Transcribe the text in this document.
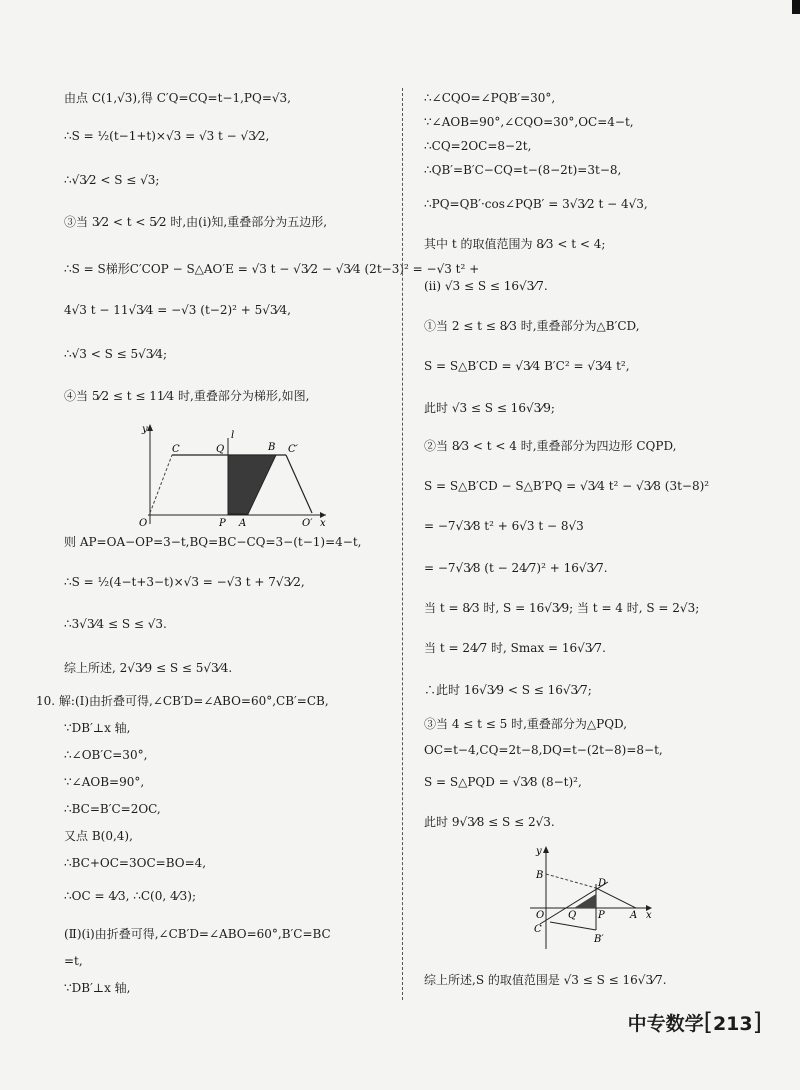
由点 C(1,√3),得 C′Q=CQ=t−1,PQ=√3,
∴S = ½(t−1+t)×√3 = √3 t − √3⁄2,
∴√3⁄2 < S ≤ √3;
③当 3⁄2 < t < 5⁄2 时,由(ⅰ)知,重叠部分为五边形,
∴S = S梯形C′COP − S△AO′E = √3 t − √3⁄2 − √3⁄4 (2t−3)² = −√3 t² +
4√3 t − 11√3⁄4 = −√3 (t−2)² + 5√3⁄4,
∴√3 < S ≤ 5√3⁄4;
④当 5⁄2 ≤ t ≤ 11⁄4 时,重叠部分为梯形,如图,
C	Q
l
B C′
O	P A	O′
y
x
则 AP=OA−OP=3−t,BQ=BC−CQ=3−(t−1)=4−t,
∴S = ½(4−t+3−t)×√3 = −√3 t + 7√3⁄2,
∴3√3⁄4 ≤ S ≤ √3.
综上所述, 2√3⁄9 ≤ S ≤ 5√3⁄4.
10. 解:(Ⅰ)由折叠可得,∠CB′D=∠ABO=60°,CB′=CB,
∵DB′⊥x 轴,
∴∠OB′C=30°,
∵∠AOB=90°,
∴BC=B′C=2OC,
又点 B(0,4),
∴BC+OC=3OC=BO=4,
∴OC = 4⁄3, ∴C(0, 4⁄3);
(Ⅱ)(ⅰ)由折叠可得,∠CB′D=∠ABO=60°,B′C=BC
=t,
∵DB′⊥x 轴,
∴∠CQO=∠PQB′=30°,
∵∠AOB=90°,∠CQO=30°,OC=4−t,
∴CQ=2OC=8−2t,
∴QB′=B′C−CQ=t−(8−2t)=3t−8,
∴PQ=QB′·cos∠PQB′ = 3√3⁄2 t − 4√3,
其中 t 的取值范围为 8⁄3 < t < 4;
(ⅱ) √3 ≤ S ≤ 16√3⁄7.
①当 2 ≤ t ≤ 8⁄3 时,重叠部分为△B′CD,
S = S△B′CD = √3⁄4 B′C² = √3⁄4 t²,
此时 √3 ≤ S ≤ 16√3⁄9;
②当 8⁄3 < t < 4 时,重叠部分为四边形 CQPD,
S = S△B′CD − S△B′PQ = √3⁄4 t² − √3⁄8 (3t−8)²
= −7√3⁄8 t² + 6√3 t − 8√3
= −7√3⁄8 (t − 24⁄7)² + 16√3⁄7.
当 t = 8⁄3 时, S = 16√3⁄9; 当 t = 4 时, S = 2√3;
当 t = 24⁄7 时, Smax = 16√3⁄7.
∴此时 16√3⁄9 < S ≤ 16√3⁄7;
③当 4 ≤ t ≤ 5 时,重叠部分为△PQD,
OC=t−4,CQ=2t−8,DQ=t−(2t−8)=8−t,
S = S△PQD = √3⁄8 (8−t)²,
此时 9√3⁄8 ≤ S ≤ 2√3.
y
B
D
O Q P	A x
C
B′
综上所述,S 的取值范围是 √3 ≤ S ≤ 16√3⁄7.
中专数学[213]
